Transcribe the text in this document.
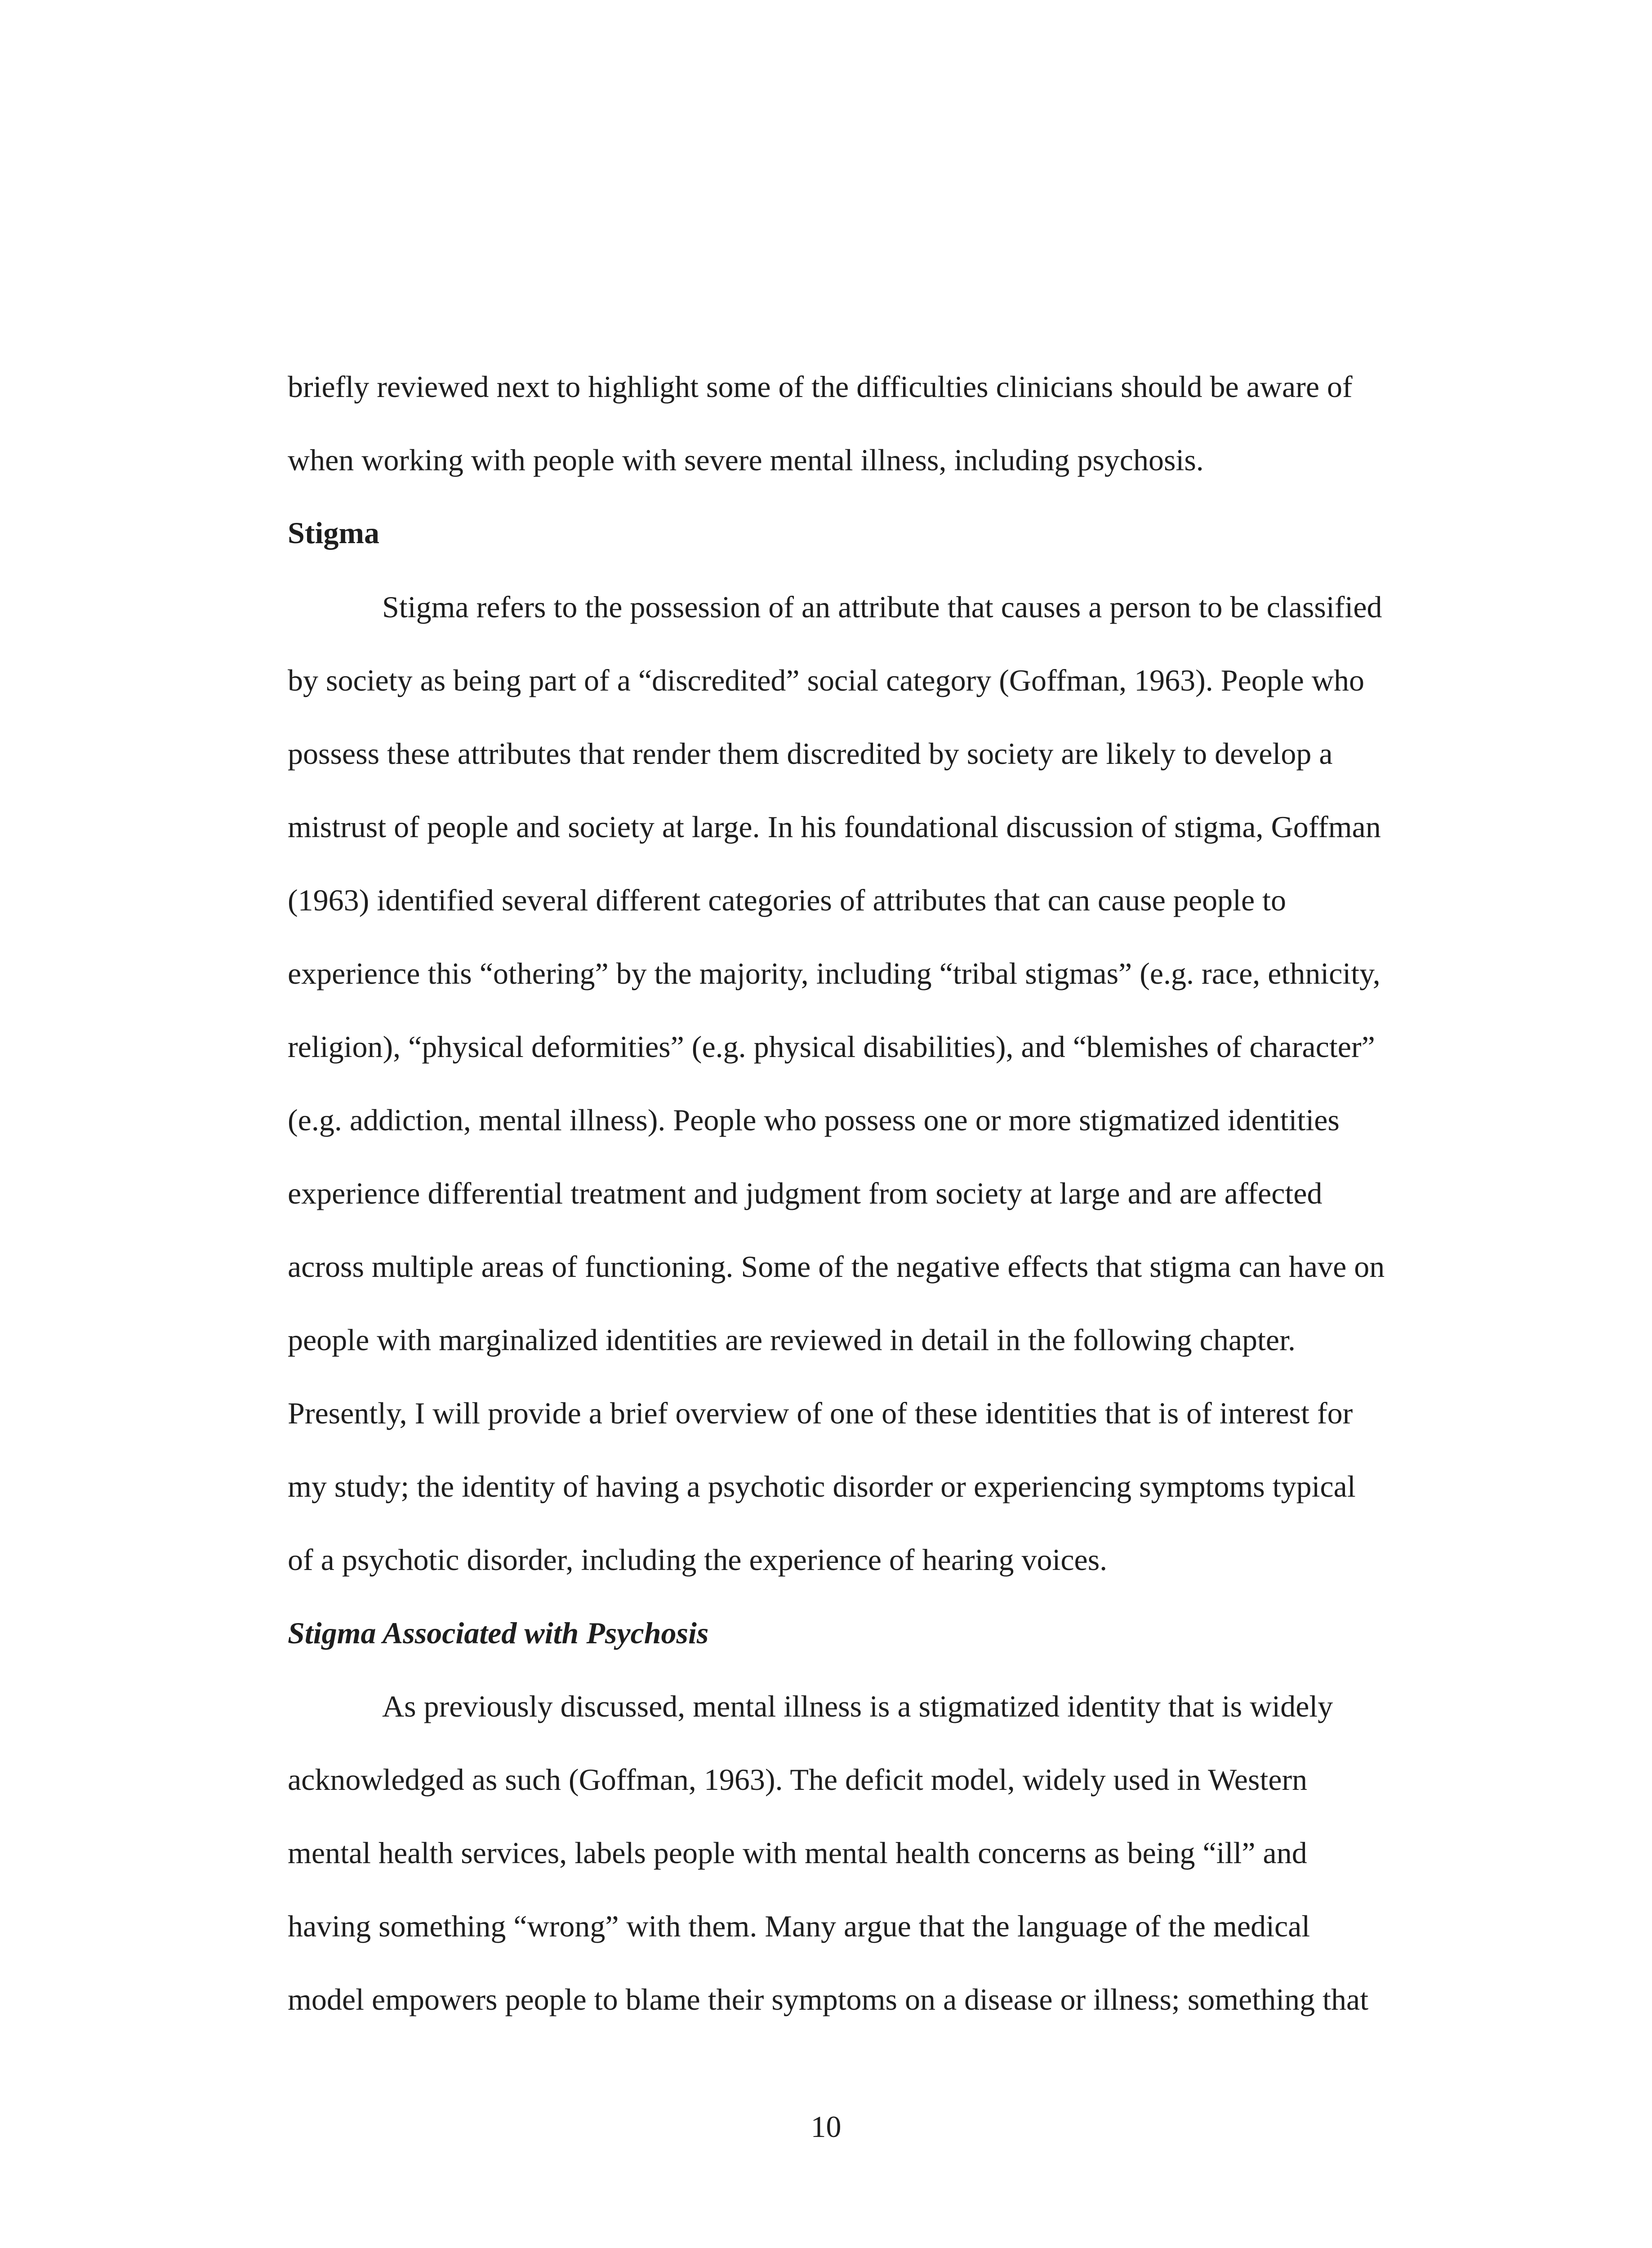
briefly reviewed next to highlight some of the difficulties clinicians should be aware of

when working with people with severe mental illness, including psychosis.

Stigma

Stigma refers to the possession of an attribute that causes a person to be classified

by society as being part of a “discredited” social category (Goffman, 1963). People who

possess these attributes that render them discredited by society are likely to develop a

mistrust of people and society at large. In his foundational discussion of stigma, Goffman

(1963) identified several different categories of attributes that can cause people to

experience this “othering” by the majority, including “tribal stigmas” (e.g. race, ethnicity,

religion), “physical deformities” (e.g. physical disabilities), and “blemishes of character”

(e.g. addiction, mental illness). People who possess one or more stigmatized identities

experience differential treatment and judgment from society at large and are affected

across multiple areas of functioning. Some of the negative effects that stigma can have on

people with marginalized identities are reviewed in detail in the following chapter.

Presently, I will provide a brief overview of one of these identities that is of interest for

my study; the identity of having a psychotic disorder or experiencing symptoms typical

of a psychotic disorder, including the experience of hearing voices.

Stigma Associated with Psychosis

As previously discussed, mental illness is a stigmatized identity that is widely

acknowledged as such (Goffman, 1963). The deficit model, widely used in Western

mental health services, labels people with mental health concerns as being “ill” and

having something “wrong” with them. Many argue that the language of the medical

model empowers people to blame their symptoms on a disease or illness; something that

10
